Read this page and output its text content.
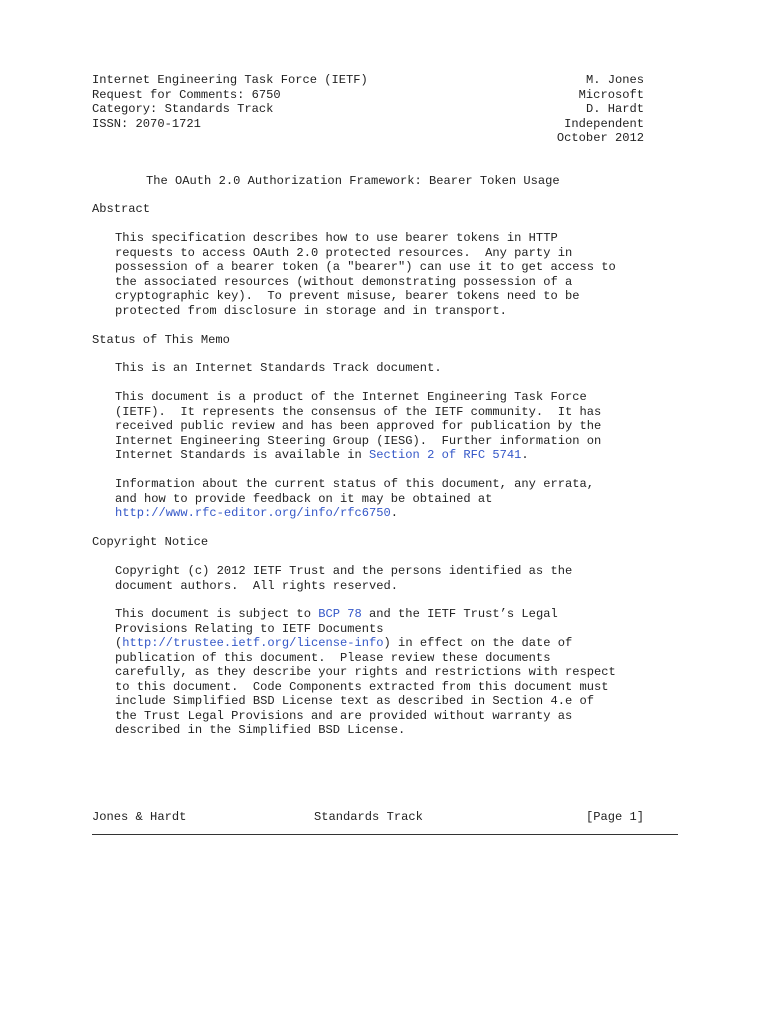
Internet Engineering Task Force (IETF)
Request for Comments: 6750
Category: Standards Track
ISSN: 2070-1721
M. Jones
Microsoft
D. Hardt
Independent
October 2012
The OAuth 2.0 Authorization Framework: Bearer Token Usage
Abstract
This specification describes how to use bearer tokens in HTTP
requests to access OAuth 2.0 protected resources.  Any party in
possession of a bearer token (a "bearer") can use it to get access to
the associated resources (without demonstrating possession of a
cryptographic key).  To prevent misuse, bearer tokens need to be
protected from disclosure in storage and in transport.
Status of This Memo
This is an Internet Standards Track document.
This document is a product of the Internet Engineering Task Force
(IETF).  It represents the consensus of the IETF community.  It has
received public review and has been approved for publication by the
Internet Engineering Steering Group (IESG).  Further information on
Internet Standards is available in Section 2 of RFC 5741.
Information about the current status of this document, any errata,
and how to provide feedback on it may be obtained at
http://www.rfc-editor.org/info/rfc6750.
Copyright Notice
Copyright (c) 2012 IETF Trust and the persons identified as the
document authors.  All rights reserved.
This document is subject to BCP 78 and the IETF Trust’s Legal
Provisions Relating to IETF Documents
(http://trustee.ietf.org/license-info) in effect on the date of
publication of this document.  Please review these documents
carefully, as they describe your rights and restrictions with respect
to this document.  Code Components extracted from this document must
include Simplified BSD License text as described in Section 4.e of
the Trust Legal Provisions and are provided without warranty as
described in the Simplified BSD License.
Jones & Hardt	Standards Track	[Page 1]
